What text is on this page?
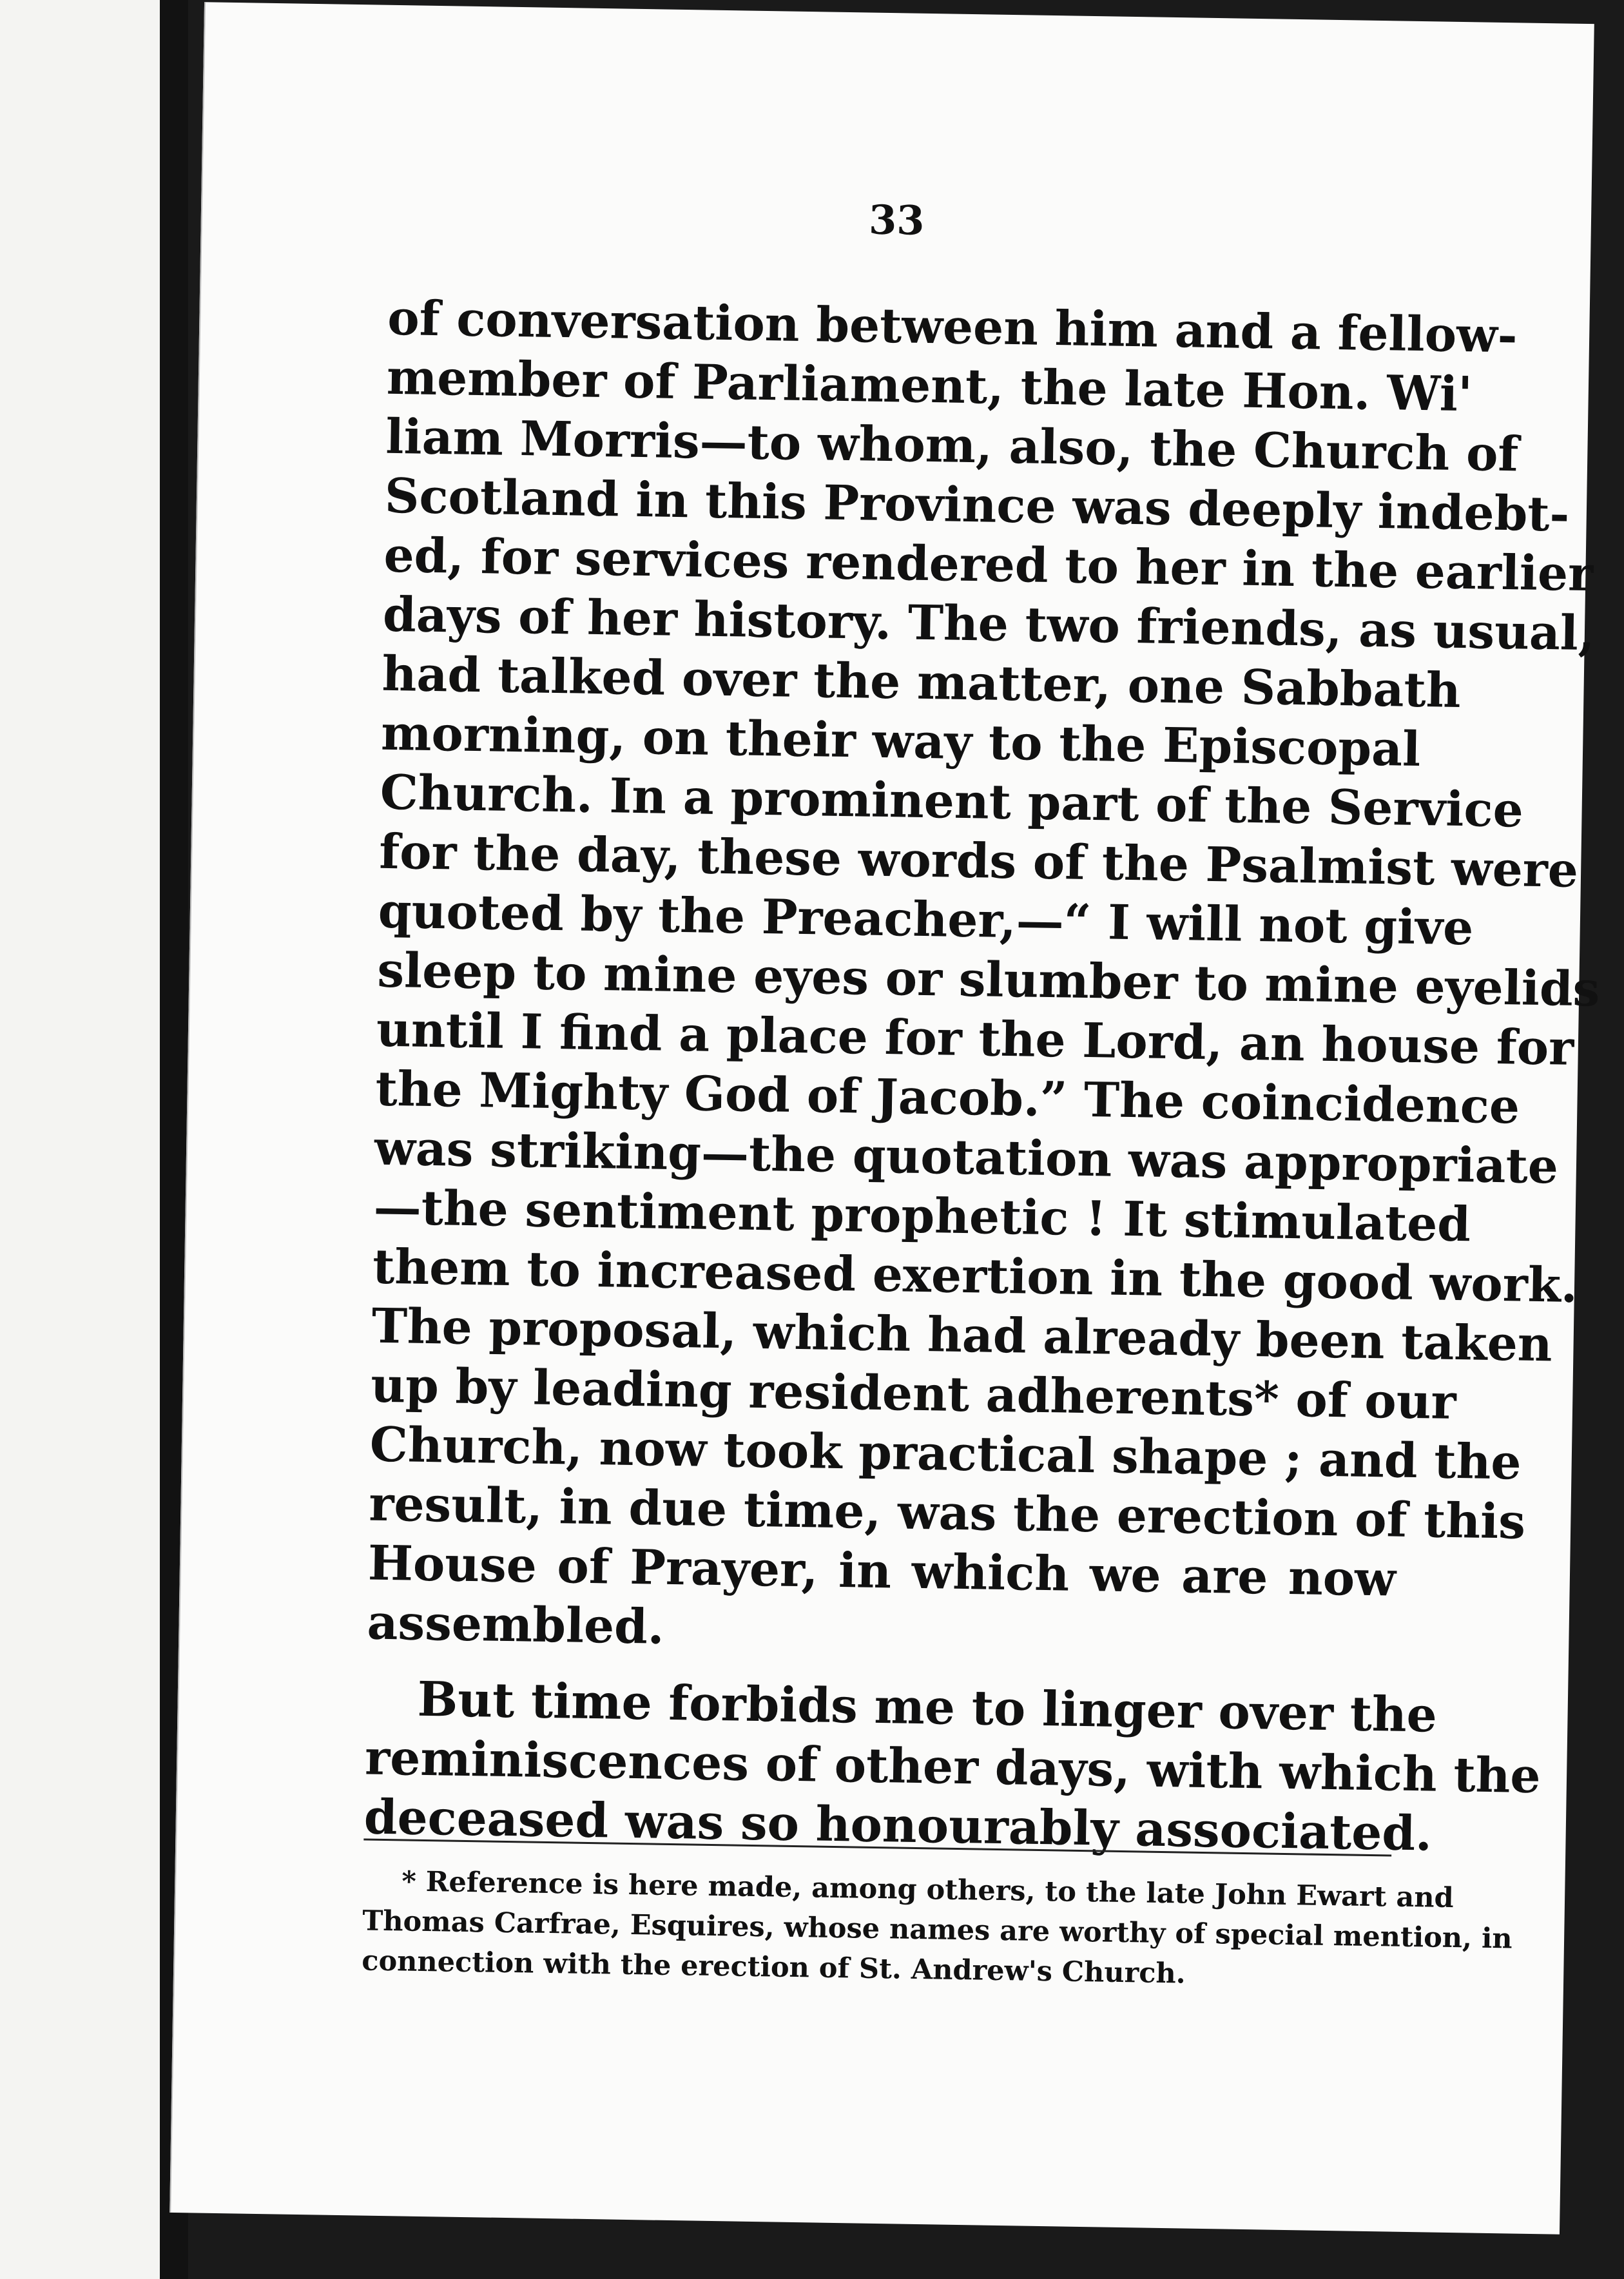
33

of conversation between him and a fellow-
member of Parliament, the late Hon. Wi'
liam Morris—to whom, also, the Church of
Scotland in this Province was deeply indebt-
ed, for services rendered to her in the earlier
days of her history. The two friends, as usual,
had talked over the matter, one Sabbath
morning, on their way to the Episcopal
Church. In a prominent part of the Service
for the day, these words of the Psalmist were
quoted by the Preacher,—“ I will not give
sleep to mine eyes or slumber to mine eyelids
until I find a place for the Lord, an house for
the Mighty God of Jacob.” The coincidence
was striking—the quotation was appropriate
—the sentiment prophetic ! It stimulated
them to increased exertion in the good work.
The proposal, which had already been taken
up by leading resident adherents* of our
Church, now took practical shape ; and the
result, in due time, was the erection of this
House of Prayer, in which we are now
assembled.

But time forbids me to linger over the
reminiscences of other days, with which the
deceased was so honourably associated.

* Reference is here made, among others, to the late John Ewart and
Thomas Carfrae, Esquires, whose names are worthy of special mention, in
connection with the erection of St. Andrew's Church.
